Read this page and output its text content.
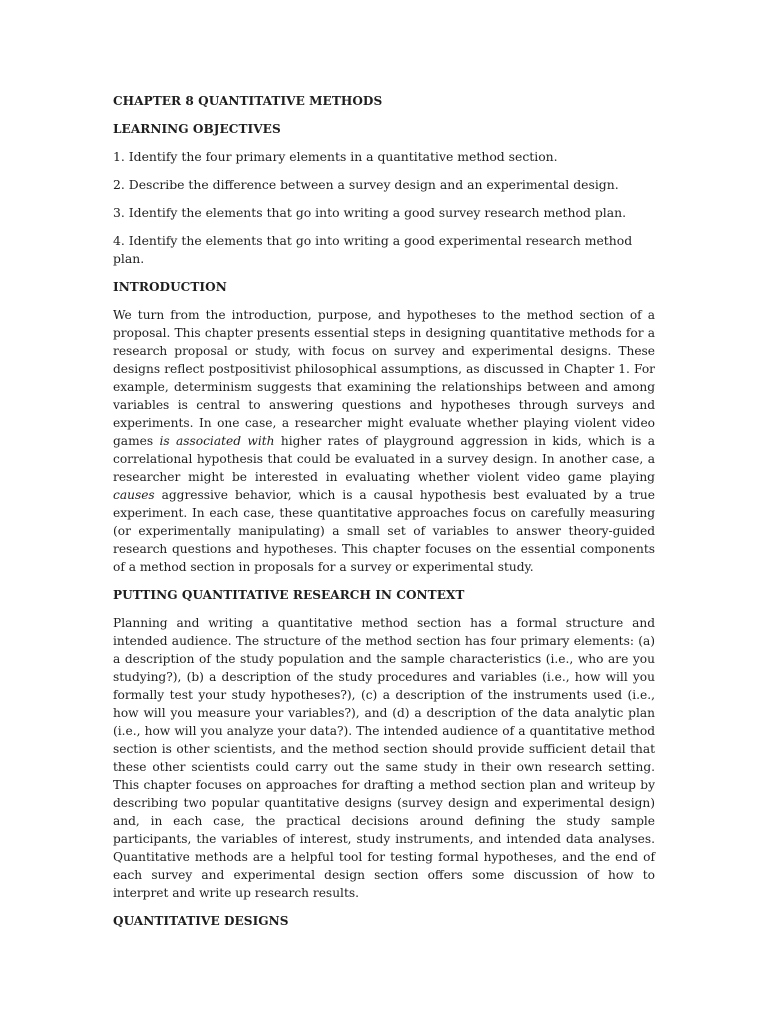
CHAPTER 8 QUANTITATIVE METHODS

LEARNING OBJECTIVES

1. Identify the four primary elements in a quantitative method section.

2. Describe the difference between a survey design and an experimental design.

3. Identify the elements that go into writing a good survey research method plan.

4. Identify the elements that go into writing a good experimental research method plan.

INTRODUCTION

We turn from the introduction, purpose, and hypotheses to the method section of a proposal. This chapter presents essential steps in designing quantitative methods for a research proposal or study, with focus on survey and experimental designs. These designs reflect postpositivist philosophical assumptions, as discussed in Chapter 1. For example, determinism suggests that examining the relationships between and among variables is central to answering questions and hypotheses through surveys and experiments. In one case, a researcher might evaluate whether playing violent video games is associated with higher rates of playground aggression in kids, which is a correlational hypothesis that could be evaluated in a survey design. In another case, a researcher might be interested in evaluating whether violent video game playing causes aggressive behavior, which is a causal hypothesis best evaluated by a true experiment. In each case, these quantitative approaches focus on carefully measuring (or experimentally manipulating) a small set of variables to answer theory-guided research questions and hypotheses. This chapter focuses on the essential components of a method section in proposals for a survey or experimental study.

PUTTING QUANTITATIVE RESEARCH IN CONTEXT

Planning and writing a quantitative method section has a formal structure and intended audience. The structure of the method section has four primary elements: (a) a description of the study population and the sample characteristics (i.e., who are you studying?), (b) a description of the study procedures and variables (i.e., how will you formally test your study hypotheses?), (c) a description of the instruments used (i.e., how will you measure your variables?), and (d) a description of the data analytic plan (i.e., how will you analyze your data?). The intended audience of a quantitative method section is other scientists, and the method section should provide sufficient detail that these other scientists could carry out the same study in their own research setting. This chapter focuses on approaches for drafting a method section plan and writeup by describing two popular quantitative designs (survey design and experimental design) and, in each case, the practical decisions around defining the study sample participants, the variables of interest, study instruments, and intended data analyses. Quantitative methods are a helpful tool for testing formal hypotheses, and the end of each survey and experimental design section offers some discussion of how to interpret and write up research results.

QUANTITATIVE DESIGNS
